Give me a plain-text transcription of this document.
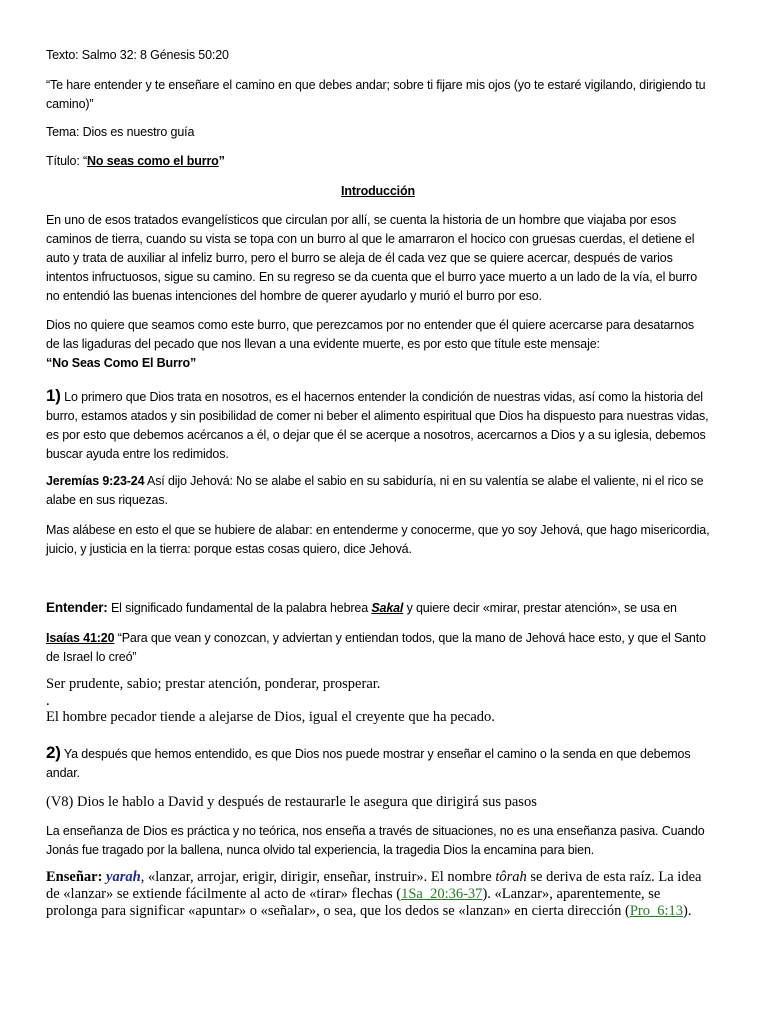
Texto: Salmo 32: 8 Génesis 50:20

“Te hare entender y te enseñare el camino en que debes andar; sobre ti fijare mis ojos (yo te estaré vigilando, dirigiendo tu camino)”

Tema: Dios es nuestro guía

Título: “No seas como el burro”

Introducción

En uno de esos tratados evangelísticos que circulan por allí, se cuenta la historia de un hombre que viajaba por esos caminos de tierra, cuando su vista se topa con un burro al que le amarraron el hocico con gruesas cuerdas, el detiene el auto y trata de auxiliar al infeliz burro, pero el burro se aleja de él cada vez que se quiere acercar, después de varios intentos infructuosos, sigue su camino. En su regreso se da cuenta que el burro yace muerto a un lado de la vía, el burro no entendió las buenas intenciones del hombre de querer ayudarlo y murió el burro por eso.

Dios no quiere que seamos como este burro, que perezcamos por no entender que él quiere acercarse para desatarnos de las ligaduras del pecado que nos llevan a una evidente muerte, es por esto que títule este mensaje:
“No Seas Como El Burro”

1) Lo primero que Dios trata en nosotros, es el hacernos entender la condición de nuestras vidas, así como la historia del burro, estamos atados y sin posibilidad de comer ni beber el alimento espiritual que Dios ha dispuesto para nuestras vidas, es por esto que debemos acércanos a él, o dejar que él se acerque a nosotros, acercarnos a Dios y a su iglesia, debemos buscar ayuda entre los redimidos.

Jeremías 9:23-24 Así dijo Jehová: No se alabe el sabio en su sabiduría, ni en su valentía se alabe el valiente, ni el rico se alabe en sus riquezas.

Mas alábese en esto el que se hubiere de alabar: en entenderme y conocerme, que yo soy Jehová, que hago misericordia, juicio, y justicia en la tierra: porque estas cosas quiero, dice Jehová.

Entender: El significado fundamental de la palabra hebrea Sakal y quiere decir «mirar, prestar atención», se usa en

Isaías 41:20 “Para que vean y conozcan, y adviertan y entiendan todos, que la mano de Jehová hace esto, y que el Santo de Israel lo creó”

Ser prudente, sabio; prestar atención, ponderar, prosperar.

.

El hombre pecador tiende a alejarse de Dios, igual el creyente que ha pecado.

2) Ya después que hemos entendido, es que Dios nos puede mostrar y enseñar el camino o la senda en que debemos andar.

(V8) Dios le hablo a David y después de restaurarle le asegura que dirigirá sus pasos

La enseñanza de Dios es práctica y no teórica, nos enseña a través de situaciones, no es una enseñanza pasiva. Cuando Jonás fue tragado por la ballena, nunca olvido tal experiencia, la tragedia Dios la encamina para bien.

Enseñar: yarah, «lanzar, arrojar, erigir, dirigir, enseñar, instruir». El nombre tôrah se deriva de esta raíz. La idea de «lanzar» se extiende fácilmente al acto de «tirar» flechas (1Sa_20:36-37). «Lanzar», aparentemente, se prolonga para significar «apuntar» o «señalar», o sea, que los dedos se «lanzan» en cierta dirección (Pro_6:13).
